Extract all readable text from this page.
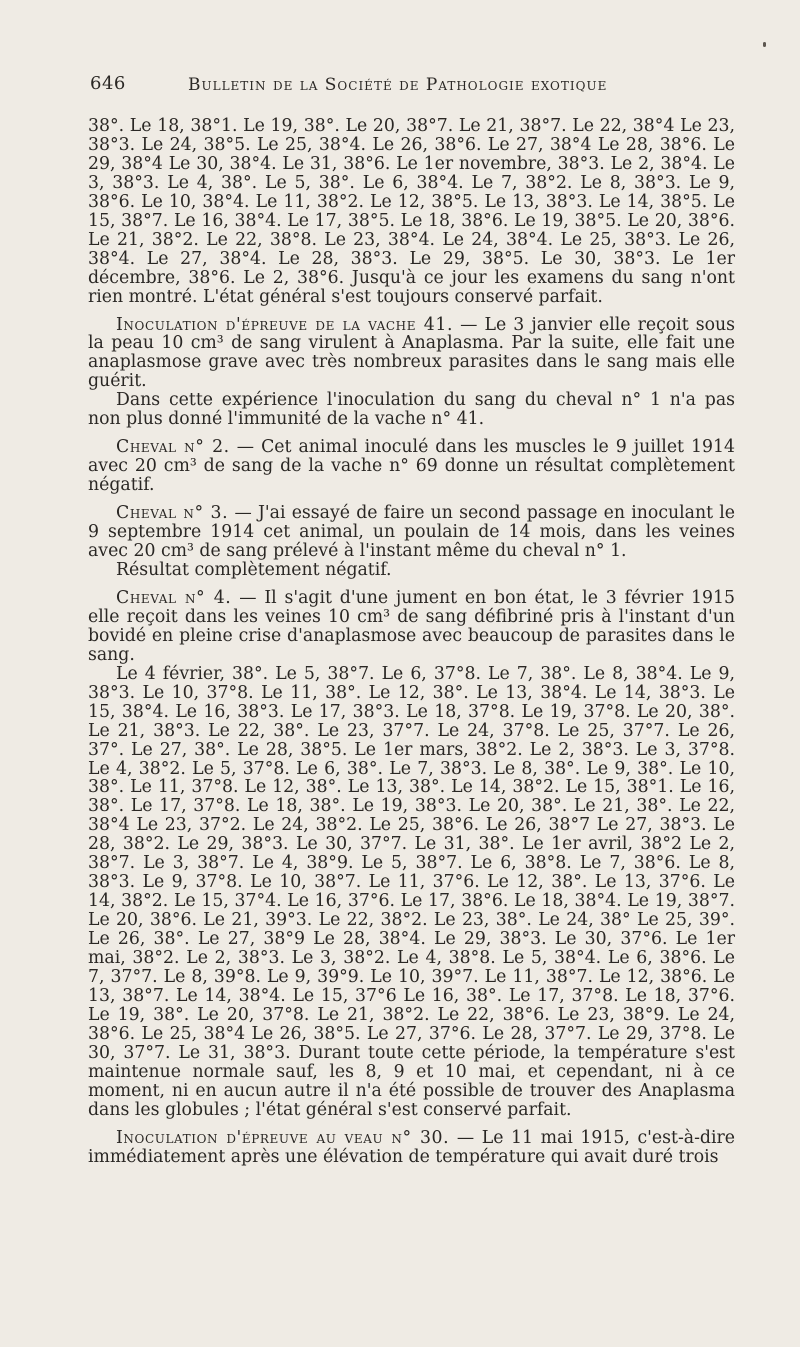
646	Bulletin de la Société de Pathologie exotique

38°. Le 18, 38°1. Le 19, 38°. Le 20, 38°7. Le 21, 38°7. Le 22, 38°4 Le 23, 38°3. Le 24, 38°5. Le 25, 38°4. Le 26, 38°6. Le 27, 38°4 Le 28, 38°6. Le 29, 38°4 Le 30, 38°4. Le 31, 38°6. Le 1er novembre, 38°3. Le 2, 38°4. Le 3, 38°3. Le 4, 38°. Le 5, 38°. Le 6, 38°4. Le 7, 38°2. Le 8, 38°3. Le 9, 38°6. Le 10, 38°4. Le 11, 38°2. Le 12, 38°5. Le 13, 38°3. Le 14, 38°5. Le 15, 38°7. Le 16, 38°4. Le 17, 38°5. Le 18, 38°6. Le 19, 38°5. Le 20, 38°6. Le 21, 38°2. Le 22, 38°8. Le 23, 38°4. Le 24, 38°4. Le 25, 38°3. Le 26, 38°4. Le 27, 38°4. Le 28, 38°3. Le 29, 38°5. Le 30, 38°3. Le 1er décembre, 38°6. Le 2, 38°6. Jusqu'à ce jour les examens du sang n'ont rien montré. L'état général s'est toujours conservé parfait.

Inoculation d'épreuve de la vache 41. — Le 3 janvier elle reçoit sous la peau 10 cm³ de sang virulent à Anaplasma. Par la suite, elle fait une anaplasmose grave avec très nombreux parasites dans le sang mais elle guérit.

Dans cette expérience l'inoculation du sang du cheval n° 1 n'a pas non plus donné l'immunité de la vache n° 41.

Cheval n° 2. — Cet animal inoculé dans les muscles le 9 juillet 1914 avec 20 cm³ de sang de la vache n° 69 donne un résultat complètement négatif.

Cheval n° 3. — J'ai essayé de faire un second passage en inoculant le 9 septembre 1914 cet animal, un poulain de 14 mois, dans les veines avec 20 cm³ de sang prélevé à l'instant même du cheval n° 1.

Résultat complètement négatif.

Cheval n° 4. — Il s'agit d'une jument en bon état, le 3 février 1915 elle reçoit dans les veines 10 cm³ de sang défibriné pris à l'instant d'un bovidé en pleine crise d'anaplasmose avec beaucoup de parasites dans le sang.

Le 4 février, 38°. Le 5, 38°7. Le 6, 37°8. Le 7, 38°. Le 8, 38°4. Le 9, 38°3. Le 10, 37°8. Le 11, 38°. Le 12, 38°. Le 13, 38°4. Le 14, 38°3. Le 15, 38°4. Le 16, 38°3. Le 17, 38°3. Le 18, 37°8. Le 19, 37°8. Le 20, 38°. Le 21, 38°3. Le 22, 38°. Le 23, 37°7. Le 24, 37°8. Le 25, 37°7. Le 26, 37°. Le 27, 38°. Le 28, 38°5. Le 1er mars, 38°2. Le 2, 38°3. Le 3, 37°8. Le 4, 38°2. Le 5, 37°8. Le 6, 38°. Le 7, 38°3. Le 8, 38°. Le 9, 38°. Le 10, 38°. Le 11, 37°8. Le 12, 38°. Le 13, 38°. Le 14, 38°2. Le 15, 38°1. Le 16, 38°. Le 17, 37°8. Le 18, 38°. Le 19, 38°3. Le 20, 38°. Le 21, 38°. Le 22, 38°4 Le 23, 37°2. Le 24, 38°2. Le 25, 38°6. Le 26, 38°7 Le 27, 38°3. Le 28, 38°2. Le 29, 38°3. Le 30, 37°7. Le 31, 38°. Le 1er avril, 38°2 Le 2, 38°7. Le 3, 38°7. Le 4, 38°9. Le 5, 38°7. Le 6, 38°8. Le 7, 38°6. Le 8, 38°3. Le 9, 37°8. Le 10, 38°7. Le 11, 37°6. Le 12, 38°. Le 13, 37°6. Le 14, 38°2. Le 15, 37°4. Le 16, 37°6. Le 17, 38°6. Le 18, 38°4. Le 19, 38°7. Le 20, 38°6. Le 21, 39°3. Le 22, 38°2. Le 23, 38°. Le 24, 38° Le 25, 39°. Le 26, 38°. Le 27, 38°9 Le 28, 38°4. Le 29, 38°3. Le 30, 37°6. Le 1er mai, 38°2. Le 2, 38°3. Le 3, 38°2. Le 4, 38°8. Le 5, 38°4. Le 6, 38°6. Le 7, 37°7. Le 8, 39°8. Le 9, 39°9. Le 10, 39°7. Le 11, 38°7. Le 12, 38°6. Le 13, 38°7. Le 14, 38°4. Le 15, 37°6 Le 16, 38°. Le 17, 37°8. Le 18, 37°6. Le 19, 38°. Le 20, 37°8. Le 21, 38°2. Le 22, 38°6. Le 23, 38°9. Le 24, 38°6. Le 25, 38°4 Le 26, 38°5. Le 27, 37°6. Le 28, 37°7. Le 29, 37°8. Le 30, 37°7. Le 31, 38°3. Durant toute cette période, la température s'est maintenue normale sauf, les 8, 9 et 10 mai, et cependant, ni à ce moment, ni en aucun autre il n'a été possible de trouver des Anaplasma dans les globules ; l'état général s'est conservé parfait.

Inoculation d'épreuve au veau n° 30. — Le 11 mai 1915, c'est-à-dire immédiatement après une élévation de température qui avait duré trois
